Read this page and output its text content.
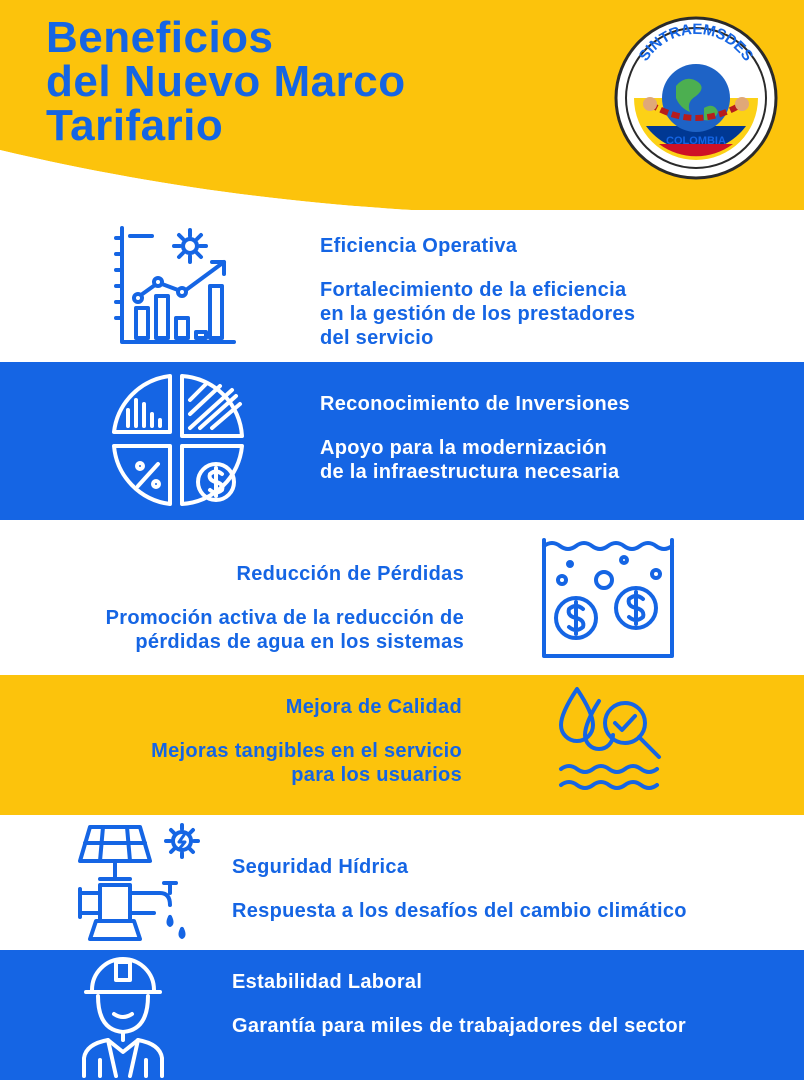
Beneficios
del Nuevo Marco
Tarifario
SINTRAEMSDES
COLOMBIA
Eficiencia Operativa
Fortalecimiento de la eficiencia
en la gestión de los prestadores
del servicio
Reconocimiento de Inversiones
Apoyo para la modernización
de la infraestructura necesaria
Reducción de Pérdidas
Promoción activa de la reducción de
pérdidas de agua en los sistemas
Mejora de Calidad
Mejoras tangibles en el servicio
para los usuarios
Seguridad Hídrica
Respuesta a los desafíos del cambio climático
Estabilidad Laboral
Garantía para miles de trabajadores del sector
